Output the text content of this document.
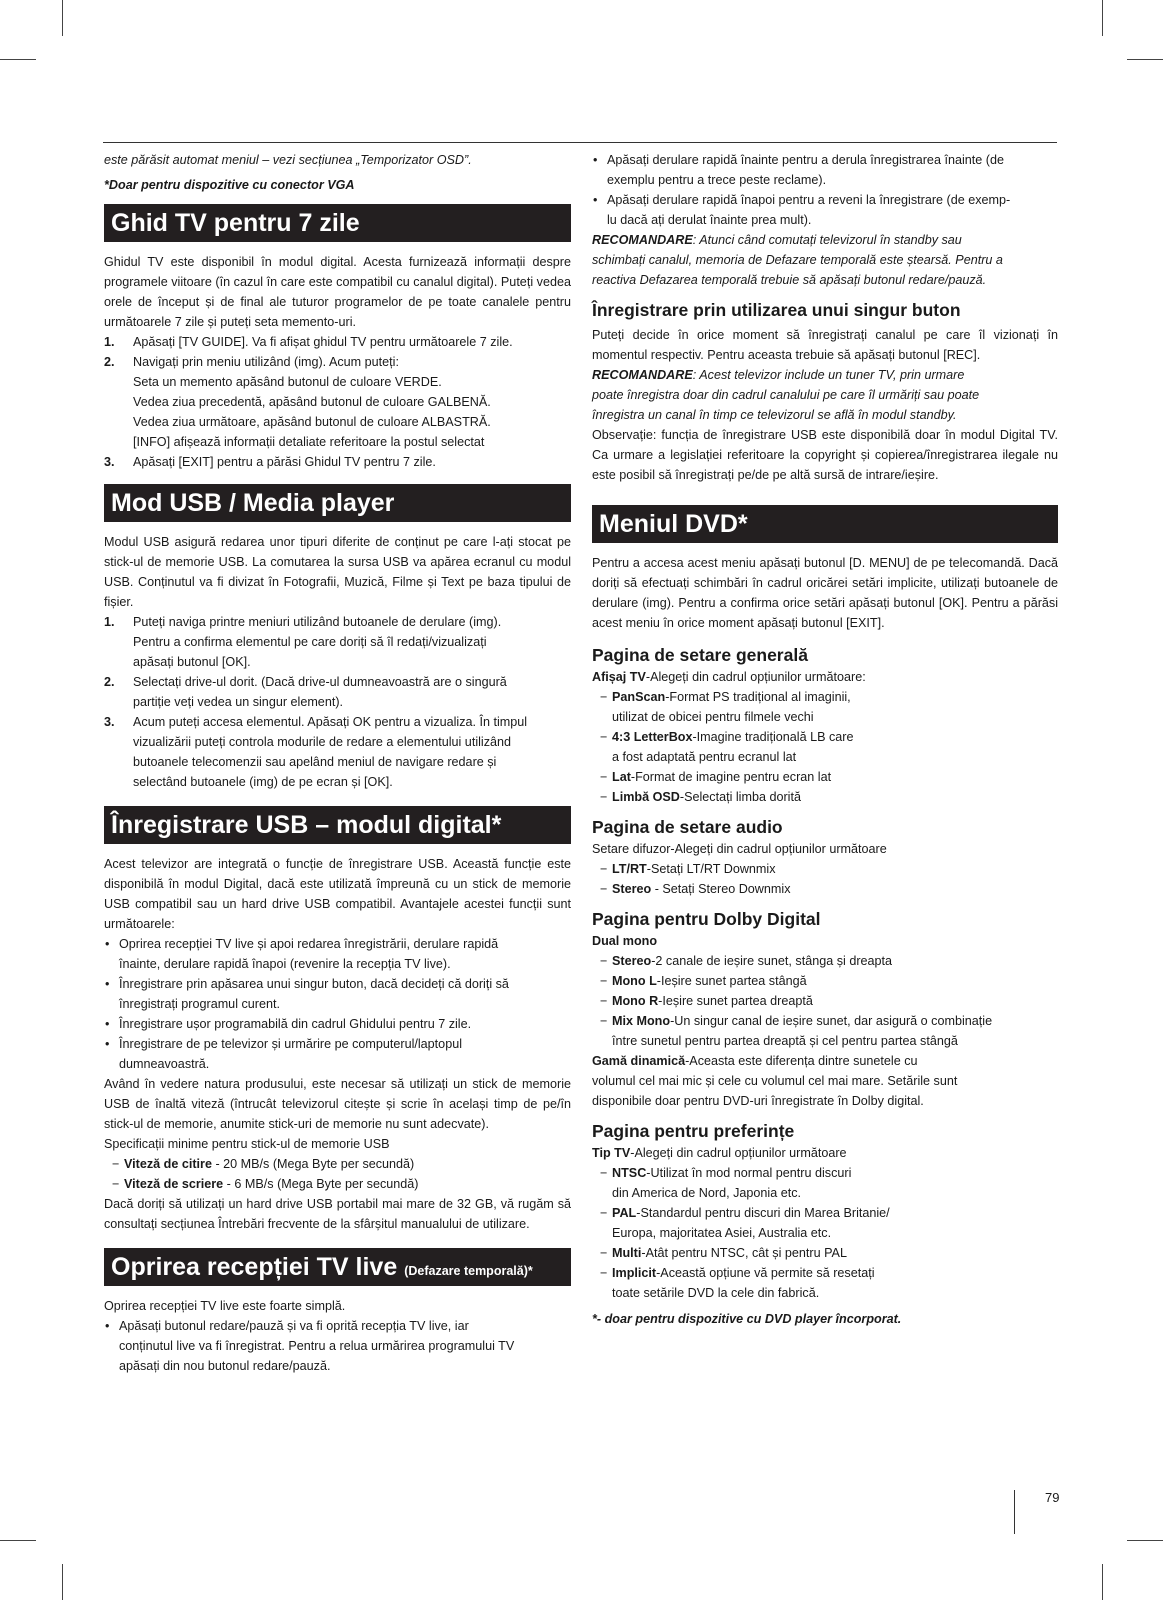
este părăsit automat meniul – vezi secțiunea „Temporizator OSD”.

*Doar pentru dispozitive cu conector VGA

Ghid TV pentru 7 zile

Ghidul TV este disponibil în modul digital. Acesta furnizează informații despre programele viitoare (în cazul în care este compatibil cu canalul digital). Puteți vedea orele de început și de final ale tuturor programelor de pe toate canalele pentru următoarele 7 zile și puteți seta memento-uri.

1. Apăsați [TV GUIDE]. Va fi afișat ghidul TV pentru următoarele 7 zile.
2. Navigați prin meniu utilizând (img). Acum puteți:
Seta un memento apăsând butonul de culoare VERDE.
Vedea ziua precedentă, apăsând butonul de culoare GALBENĂ.
Vedea ziua următoare, apăsând butonul de culoare ALBASTRĂ.
[INFO] afișează informații detaliate referitoare la postul selectat
3. Apăsați [EXIT] pentru a părăsi Ghidul TV pentru 7 zile.
Mod USB / Media player

Modul USB asigură redarea unor tipuri diferite de conținut pe care l-ați stocat pe stick-ul de memorie USB. La comutarea la sursa USB va apărea ecranul cu modul USB. Conținutul va fi divizat în Fotografii, Muzică, Filme și Text pe baza tipului de fișier.

1. Puteți naviga printre meniuri utilizând butoanele de derulare (img).
Pentru a confirma elementul pe care doriți să îl redați/vizualizați
apăsați butonul [OK].
2. Selectați drive-ul dorit. (Dacă drive-ul dumneavoastră are o singură
partiție veți vedea un singur element).
3. Acum puteți accesa elementul. Apăsați OK pentru a vizualiza. În timpul
vizualizării puteți controla modurile de redare a elementului utilizând
butoanele telecomenzii sau apelând meniul de navigare redare și
selectând butoanele (img) de pe ecran și [OK].
Înregistrare USB – modul digital*

Acest televizor are integrată o funcție de înregistrare USB. Această funcție este disponibilă în modul Digital, dacă este utilizată împreună cu un stick de memorie USB compatibil sau un hard drive USB compatibil. Avantajele acestei funcții sunt următoarele:

• Oprirea recepției TV live și apoi redarea înregistrării, derulare rapidă
înainte, derulare rapidă înapoi (revenire la recepția TV live).
• Înregistrare prin apăsarea unui singur buton, dacă decideți că doriți să
înregistrați programul curent.
• Înregistrare ușor programabilă din cadrul Ghidului pentru 7 zile.
• Înregistrare de pe televizor și urmărire pe computerul/laptopul
dumneavoastră.

Având în vedere natura produsului, este necesar să utilizați un stick de memorie USB de înaltă viteză (întrucât televizorul citește și scrie în același timp de pe/în stick-ul de memorie, anumite stick-uri de memorie nu sunt adecvate).

Specificații minime pentru stick-ul de memorie USB

− Viteză de citire - 20 MB/s (Mega Byte per secundă)
− Viteză de scriere - 6 MB/s (Mega Byte per secundă)

Dacă doriți să utilizați un hard drive USB portabil mai mare de 32 GB, vă rugăm să consultați secțiunea Întrebări frecvente de la sfârșitul manualului de utilizare.

Oprirea recepției TV live (Defazare temporală)*

Oprirea recepției TV live este foarte simplă.

• Apăsați butonul redare/pauză și va fi oprită recepția TV live, iar
conținutul live va fi înregistrat. Pentru a relua urmărirea programului TV
apăsați din nou butonul redare/pauză.
• Apăsați derulare rapidă înainte pentru a derula înregistrarea înainte (de
exemplu pentru a trece peste reclame).
• Apăsați derulare rapidă înapoi pentru a reveni la înregistrare (de exemp-
lu dacă ați derulat înainte prea mult).

RECOMANDARE: Atunci când comutați televizorul în standby sau
schimbați canalul, memoria de Defazare temporală este ștearsă. Pentru a
reactiva Defazarea temporală trebuie să apăsați butonul redare/pauză.

Înregistrare prin utilizarea unui singur buton

Puteți decide în orice moment să înregistrați canalul pe care îl vizionați în momentul respectiv. Pentru aceasta trebuie să apăsați butonul [REC].

RECOMANDARE: Acest televizor include un tuner TV, prin urmare
poate înregistra doar din cadrul canalului pe care îl urmăriți sau poate
înregistra un canal în timp ce televizorul se află în modul standby.

Observație: funcția de înregistrare USB este disponibilă doar în modul Digital TV. Ca urmare a legislației referitoare la copyright și copierea/înregistrarea ilegale nu este posibil să înregistrați pe/de pe altă sursă de intrare/ieșire.

Meniul DVD*

Pentru a accesa acest meniu apăsați butonul [D. MENU] de pe telecomandă. Dacă doriți să efectuați schimbări în cadrul oricărei setări implicite, utilizați butoanele de derulare (img). Pentru a confirma orice setări apăsați butonul [OK]. Pentru a părăsi acest meniu în orice moment apăsați butonul [EXIT].

Pagina de setare generală

Afișaj TV-Alegeți din cadrul opțiunilor următoare:

− PanScan-Format PS tradițional al imaginii,
utilizat de obicei pentru filmele vechi
− 4:3 LetterBox-Imagine tradițională LB care
a fost adaptată pentru ecranul lat
− Lat-Format de imagine pentru ecran lat
− Limbă OSD-Selectați limba dorită

Pagina de setare audio

Setare difuzor-Alegeți din cadrul opțiunilor următoare

− LT/RT-Setați LT/RT Downmix
− Stereo - Setați Stereo Downmix

Pagina pentru Dolby Digital

Dual mono

− Stereo-2 canale de ieșire sunet, stânga și dreapta
− Mono L-Ieșire sunet partea stângă
− Mono R-Ieșire sunet partea dreaptă
− Mix Mono-Un singur canal de ieșire sunet, dar asigură o combinație
între sunetul pentru partea dreaptă și cel pentru partea stângă

Gamă dinamică-Aceasta este diferența dintre sunetele cu
volumul cel mai mic și cele cu volumul cel mai mare. Setările sunt
disponibile doar pentru DVD-uri înregistrate în Dolby digital.

Pagina pentru preferințe

Tip TV-Alegeți din cadrul opțiunilor următoare

− NTSC-Utilizat în mod normal pentru discuri
din America de Nord, Japonia etc.
− PAL-Standardul pentru discuri din Marea Britanie/
Europa, majoritatea Asiei, Australia etc.
− Multi-Atât pentru NTSC, cât și pentru PAL
− Implicit-Această opțiune vă permite să resetați
toate setările DVD la cele din fabrică.

*- doar pentru dispozitive cu DVD player încorporat.

79
